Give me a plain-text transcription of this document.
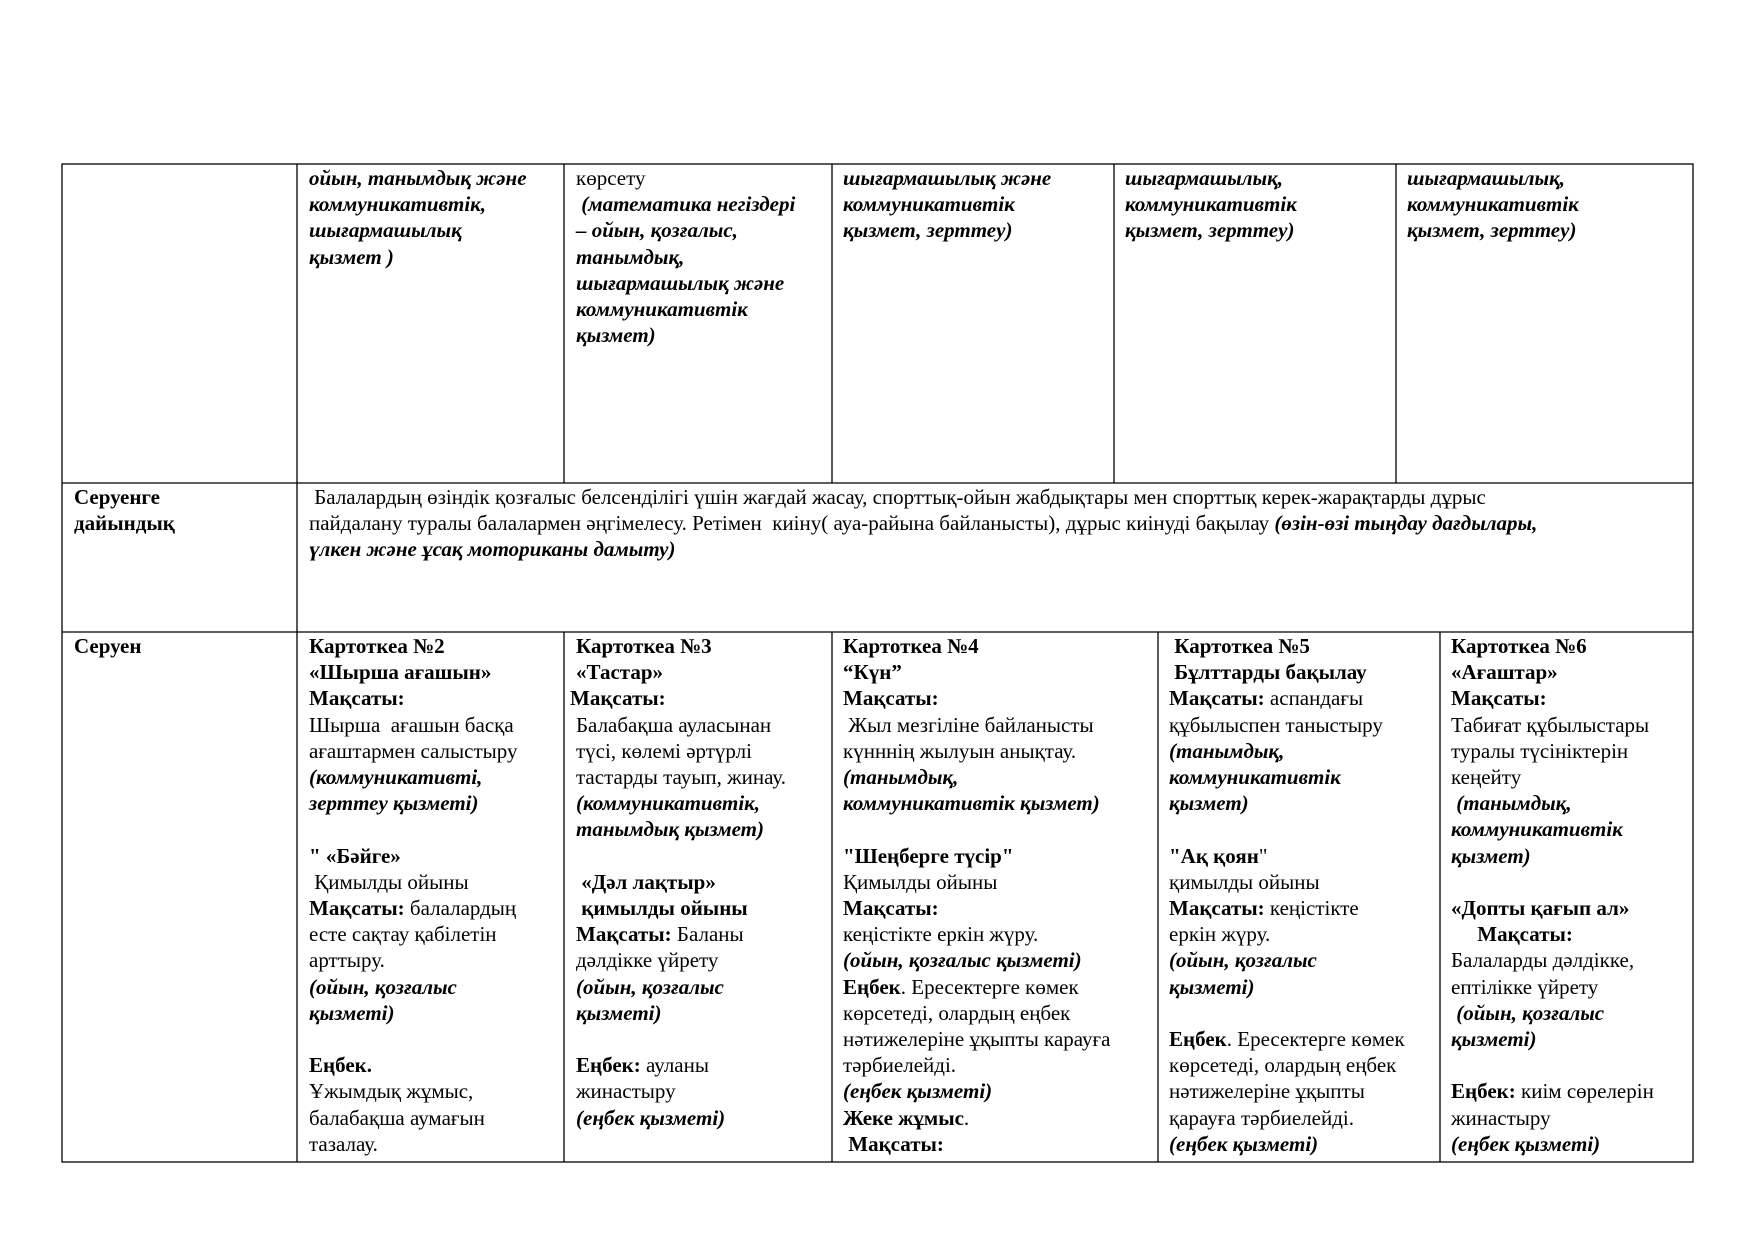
ойын, танымдық және
коммуникативтік,
шығармашылық
қызмет )
көрсету
(математика негіздері
– ойын, қозғалыс,
танымдық,
шығармашылық және
коммуникативтік
қызмет)
шығармашылық және
коммуникативтік
қызмет, зерттеу)
шығармашылық,
коммуникативтік
қызмет, зерттеу)
шығармашылық,
коммуникативтік
қызмет, зерттеу)
Серуенге
дайындық
Балалардың өзіндік қозғалыс белсенділігі үшін жағдай жасау, спорттық-ойын жабдықтары мен спорттық керек-жарақтарды дұрыс
пайдалану туралы балалармен әңгімелесу. Ретімен  киіну( ауа-райына байланысты), дұрыс киінуді бақылау (өзін-өзі тыңдау дағдылары,
үлкен және ұсақ моториканы дамыту)
Серуен	Картоткеа №2
«Шырша ағашын»
Мақсаты:
Шырша  ағашын басқа
ағаштармен салыстыру
(коммуникативті,
зерттеу қызметі)
" «Бәйге»
Қимылды ойыны
Мақсаты: балалардың
есте сақтау қабілетін
арттыру.
(ойын, қозғалыс
қызметі)
Еңбек.
Ұжымдық жұмыс,
балабақша аумағын
тазалау.
Картоткеа №3
«Тастар»
Мақсаты:
Балабақша ауласынан
түсі, көлемі әртүрлі
тастарды тауып, жинау.
(коммуникативтік,
танымдық қызмет)
«Дәл лақтыр»
қимылды ойыны
Мақсаты: Баланы
дәлдікке үйрету
(ойын, қозғалыс
қызметі)
Еңбек: ауланы
жинастыру
(еңбек қызметі)
Картоткеа №4
“Күн”
Мақсаты:
Жыл мезгіліне байланысты
күнннің жылуын анықтау.
(танымдық,
коммуникативтік қызмет)
"Шеңберге түсір"
Қимылды ойыны
Мақсаты:
кеңістікте еркін жүру.
(ойын, қозғалыс қызметі)
Еңбек. Ересектерге көмек
көрсетеді, олардың еңбек
нәтижелеріне ұқыпты карауға
тәрбиелейді.
(еңбек қызметі)
Жеке жұмыс.
Мақсаты:
Картоткеа №5
Бұлттарды бақылау
Мақсаты: аспандағы
құбылыспен таныстыру
(танымдық,
коммуникативтік
қызмет)
"Ақ қоян"
қимылды ойыны
Мақсаты: кеңістікте
еркін жүру.
(ойын, қозғалыс
қызметі)
Еңбек. Ересектерге көмек
көрсетеді, олардың еңбек
нәтижелеріне ұқыпты
қарауға тәрбиелейді.
(еңбек қызметі)
Картоткеа №6
«Ағаштар»
Мақсаты:
Табиғат құбылыстары
туралы түсініктерін
кеңейту
(танымдық,
коммуникативтік
қызмет)
«Допты қағып ал»
Мақсаты:
Балаларды дәлдікке,
ептілікке үйрету
(ойын, қозғалыс
қызметі)
Еңбек: киім сөрелерін
жинастыру
(еңбек қызметі)
